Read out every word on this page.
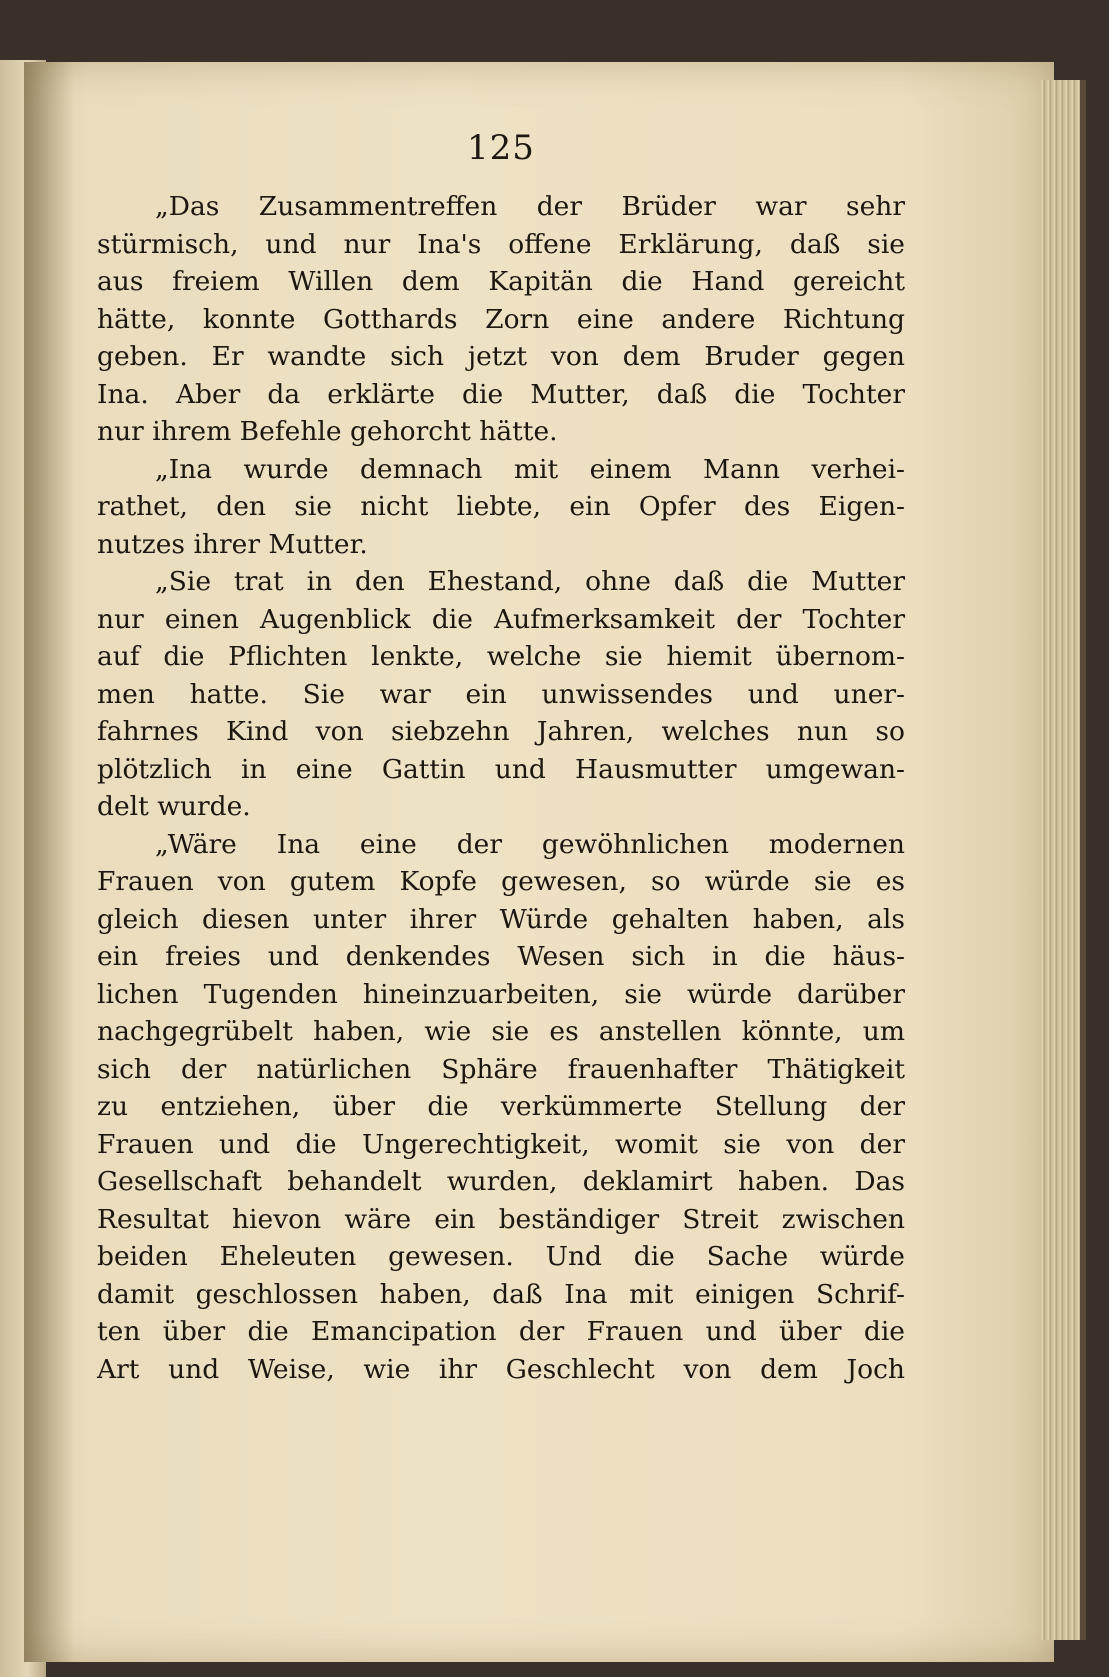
125
„Das Zusammentreffen der Brüder war sehr
stürmisch, und nur Ina's offene Erklärung, daß sie
aus freiem Willen dem Kapitän die Hand gereicht
hätte, konnte Gotthards Zorn eine andere Richtung
geben. Er wandte sich jetzt von dem Bruder gegen
Ina. Aber da erklärte die Mutter, daß die Tochter
nur ihrem Befehle gehorcht hätte.
„Ina wurde demnach mit einem Mann verhei-
rathet, den sie nicht liebte, ein Opfer des Eigen-
nutzes ihrer Mutter.
„Sie trat in den Ehestand, ohne daß die Mutter
nur einen Augenblick die Aufmerksamkeit der Tochter
auf die Pflichten lenkte, welche sie hiemit übernom-
men hatte. Sie war ein unwissendes und uner-
fahrnes Kind von siebzehn Jahren, welches nun so
plötzlich in eine Gattin und Hausmutter umgewan-
delt wurde.
„Wäre Ina eine der gewöhnlichen modernen
Frauen von gutem Kopfe gewesen, so würde sie es
gleich diesen unter ihrer Würde gehalten haben, als
ein freies und denkendes Wesen sich in die häus-
lichen Tugenden hineinzuarbeiten, sie würde darüber
nachgegrübelt haben, wie sie es anstellen könnte, um
sich der natürlichen Sphäre frauenhafter Thätigkeit
zu entziehen, über die verkümmerte Stellung der
Frauen und die Ungerechtigkeit, womit sie von der
Gesellschaft behandelt wurden, deklamirt haben. Das
Resultat hievon wäre ein beständiger Streit zwischen
beiden Eheleuten gewesen. Und die Sache würde
damit geschlossen haben, daß Ina mit einigen Schrif-
ten über die Emancipation der Frauen und über die
Art und Weise, wie ihr Geschlecht von dem Joch
